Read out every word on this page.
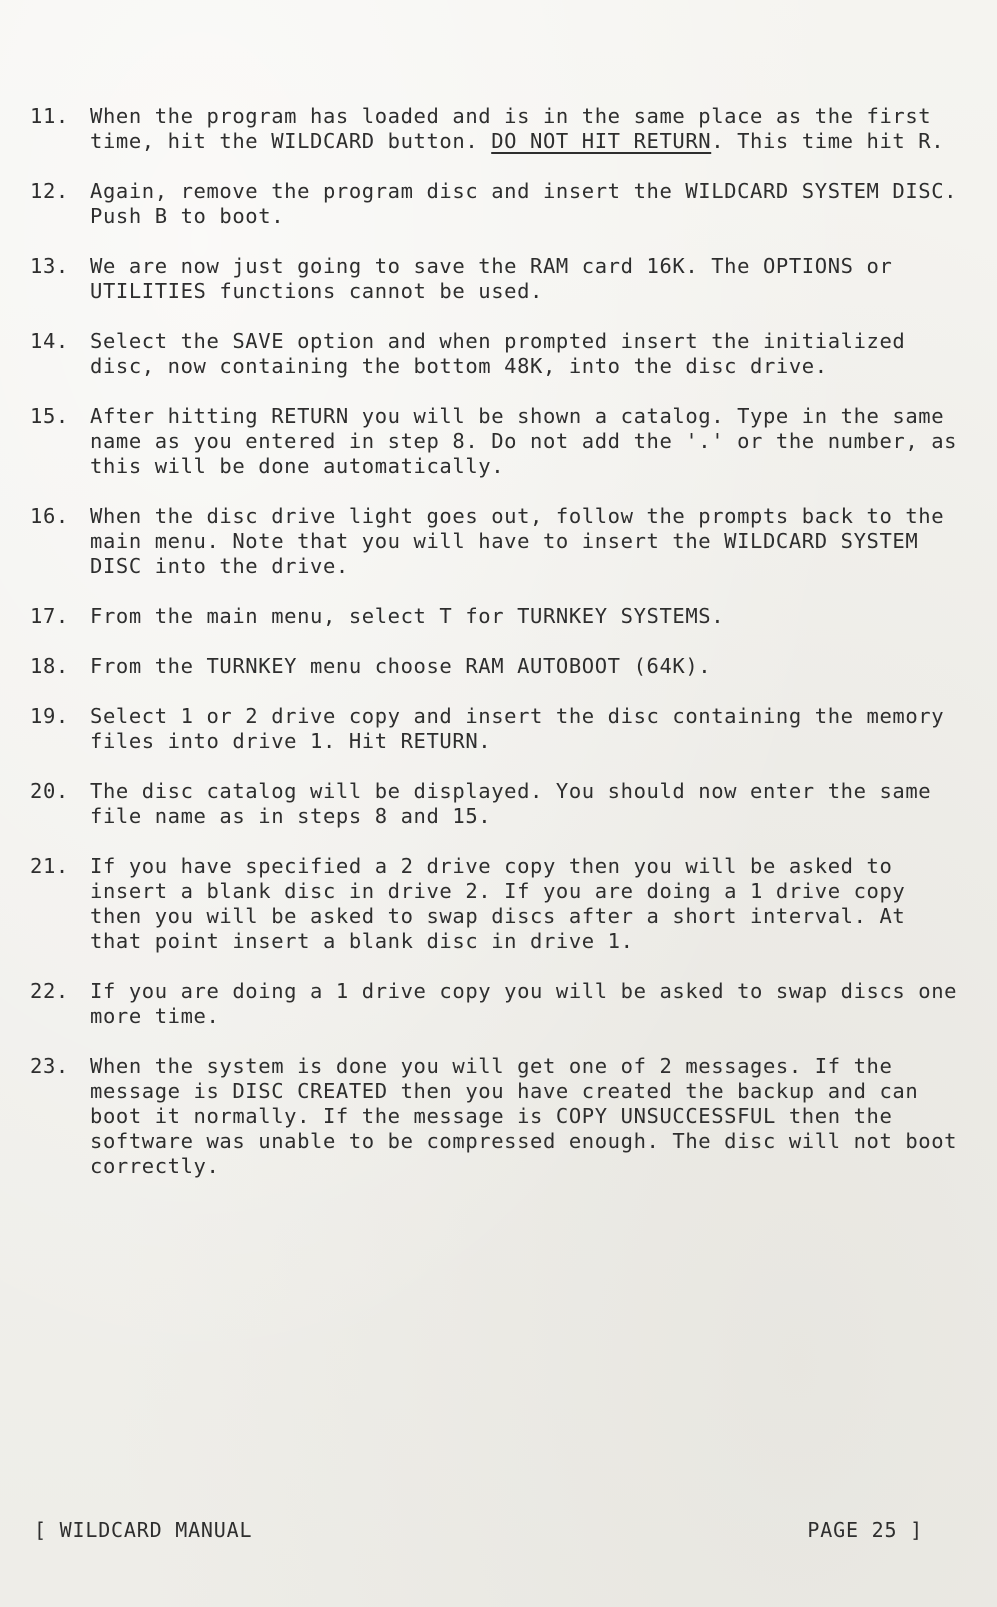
11.	When the program has loaded and is in the same place as the first time, hit the WILDCARD button. DO NOT HIT RETURN. This time hit R.
12.	Again, remove the program disc and insert the WILDCARD SYSTEM DISC. Push B to boot.
13.	We are now just going to save the RAM card 16K. The OPTIONS or UTILITIES functions cannot be used.
14.	Select the SAVE option and when prompted insert the initialized disc, now containing the bottom 48K, into the disc drive.
15.	After hitting RETURN you will be shown a catalog. Type in the same name as you entered in step 8. Do not add the '.' or the number, as this will be done automatically.
16.	When the disc drive light goes out, follow the prompts back to the main menu. Note that you will have to insert the WILDCARD SYSTEM DISC into the drive.
17.	From the main menu, select T for TURNKEY SYSTEMS.
18.	From the TURNKEY menu choose RAM AUTOBOOT (64K).
19.	Select 1 or 2 drive copy and insert the disc containing the memory files into drive 1. Hit RETURN.
20.	The disc catalog will be displayed. You should now enter the same file name as in steps 8 and 15.
21.	If you have specified a 2 drive copy then you will be asked to insert a blank disc in drive 2. If you are doing a 1 drive copy then you will be asked to swap discs after a short interval. At that point insert a blank disc in drive 1.
22.	If you are doing a 1 drive copy you will be asked to swap discs one more time.
23.	When the system is done you will get one of 2 messages. If the message is DISC CREATED then you have created the backup and can boot it normally. If the message is COPY UNSUCCESSFUL then the software was unable to be compressed enough. The disc will not boot correctly.
[ WILDCARD MANUAL	PAGE 25 ]
